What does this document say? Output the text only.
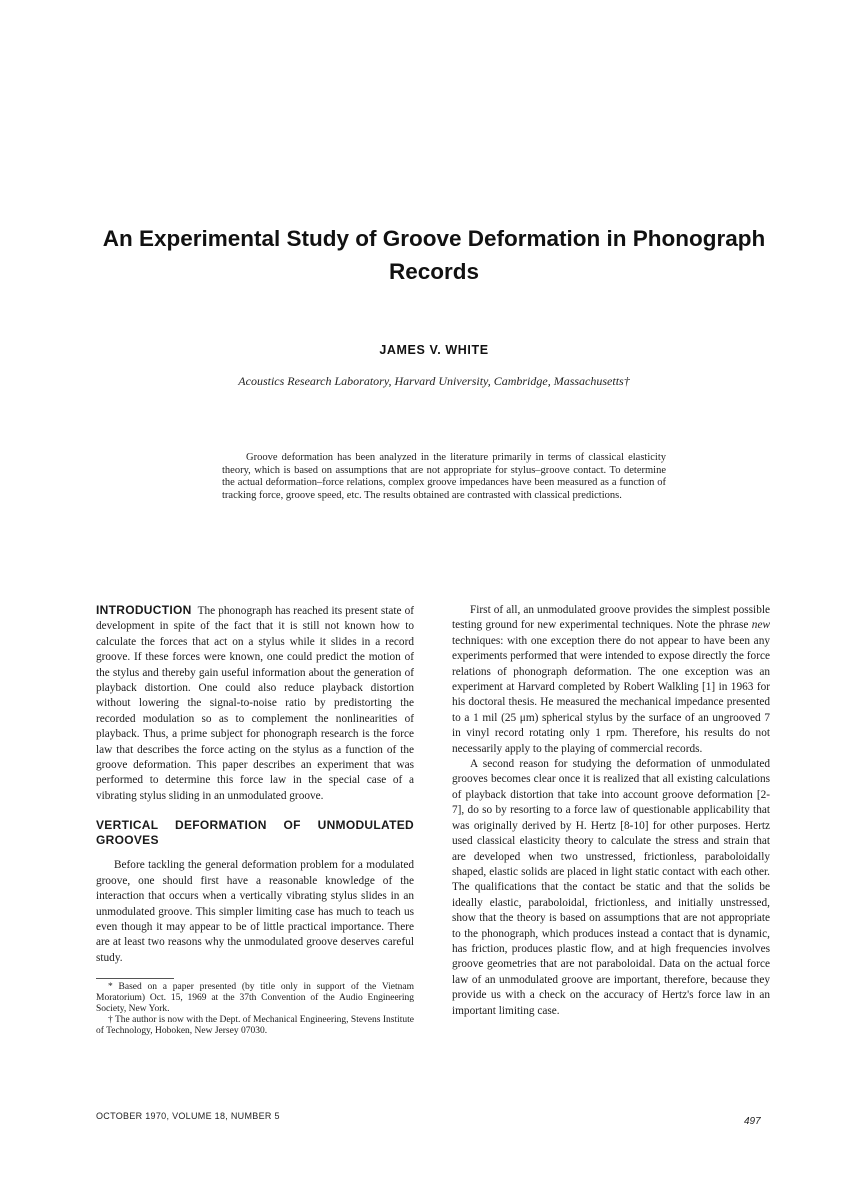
An Experimental Study of Groove Deformation in Phonograph Records
JAMES V. WHITE
Acoustics Research Laboratory, Harvard University, Cambridge, Massachusetts†

Groove deformation has been analyzed in the literature primarily in terms of classical elasticity theory, which is based on assumptions that are not appropriate for stylus–groove contact. To determine the actual deformation–force relations, complex groove impedances have been measured as a function of tracking force, groove speed, etc. The results obtained are contrasted with classical predictions.

INTRODUCTION The phonograph has reached its present state of development in spite of the fact that it is still not known how to calculate the forces that act on a stylus while it slides in a record groove. If these forces were known, one could predict the motion of the stylus and thereby gain useful information about the generation of playback distortion. One could also reduce playback distortion without lowering the signal-to-noise ratio by predistorting the recorded modulation so as to complement the nonlinearities of playback. Thus, a prime subject for phonograph research is the force law that describes the force acting on the stylus as a function of the groove deformation. This paper describes an experiment that was performed to determine this force law in the special case of a vibrating stylus sliding in an unmodulated groove.

VERTICAL DEFORMATION OF UNMODULATED GROOVES

Before tackling the general deformation problem for a modulated groove, one should first have a reasonable knowledge of the interaction that occurs when a vertically vibrating stylus slides in an unmodulated groove. This simpler limiting case has much to teach us even though it may appear to be of little practical importance. There are at least two reasons why the unmodulated groove deserves careful study.

* Based on a paper presented (by title only in support of the Vietnam Moratorium) Oct. 15, 1969 at the 37th Convention of the Audio Engineering Society, New York.

† The author is now with the Dept. of Mechanical Engineering, Stevens Institute of Technology, Hoboken, New Jersey 07030.

First of all, an unmodulated groove provides the simplest possible testing ground for new experimental techniques. Note the phrase new techniques: with one exception there do not appear to have been any experiments performed that were intended to expose directly the force relations of phonograph deformation. The one exception was an experiment at Harvard completed by Robert Walkling [1] in 1963 for his doctoral thesis. He measured the mechanical impedance presented to a 1 mil (25 μm) spherical stylus by the surface of an ungrooved 7 in vinyl record rotating only 1 rpm. Therefore, his results do not necessarily apply to the playing of commercial records.

A second reason for studying the deformation of unmodulated grooves becomes clear once it is realized that all existing calculations of playback distortion that take into account groove deformation [2-7], do so by resorting to a force law of questionable applicability that was originally derived by H. Hertz [8-10] for other purposes. Hertz used classical elasticity theory to calculate the stress and strain that are developed when two unstressed, frictionless, paraboloidally shaped, elastic solids are placed in light static contact with each other. The qualifications that the contact be static and that the solids be ideally elastic, paraboloidal, frictionless, and initially unstressed, show that the theory is based on assumptions that are not appropriate to the phonograph, which produces instead a contact that is dynamic, has friction, produces plastic flow, and at high frequencies involves groove geometries that are not paraboloidal. Data on the actual force law of an unmodulated groove are important, therefore, because they provide us with a check on the accuracy of Hertz's force law in an important limiting case.

OCTOBER 1970, VOLUME 18, NUMBER 5	497
